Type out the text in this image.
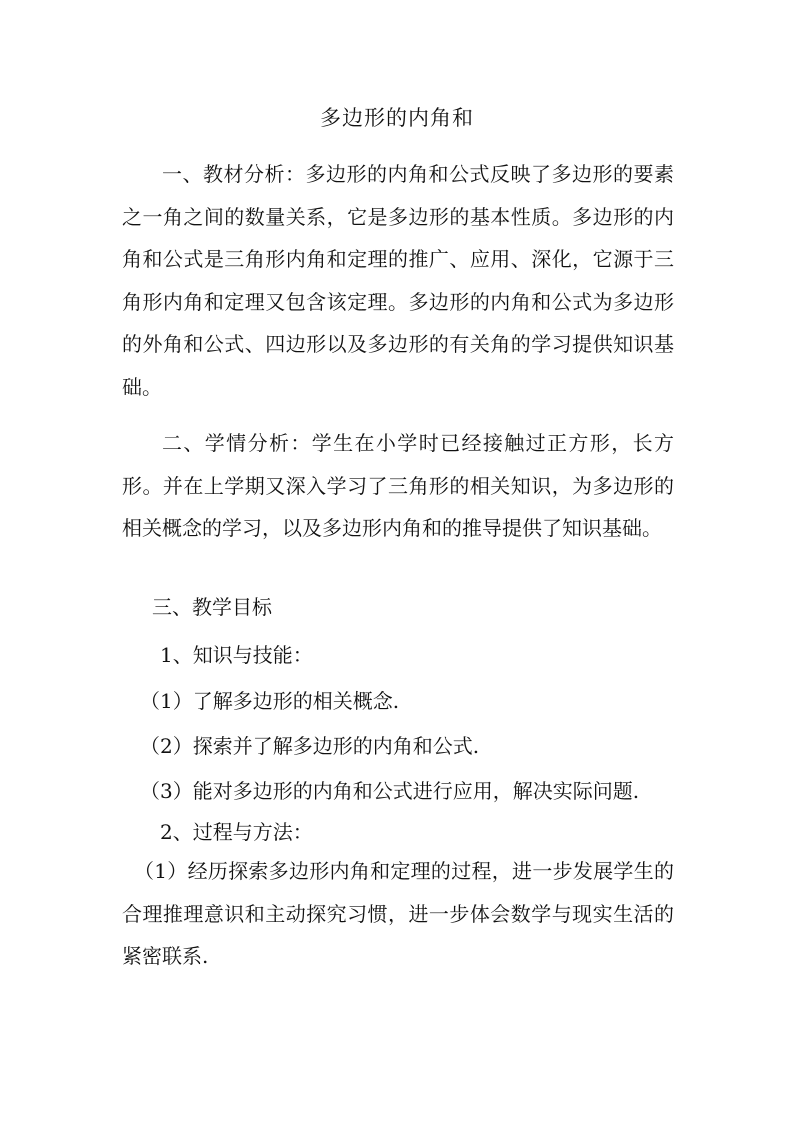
多边形的内角和

一、教材分析：多边形的内角和公式反映了多边形的要素之一角之间的数量关系，它是多边形的基本性质。多边形的内角和公式是三角形内角和定理的推广、应用、深化，它源于三角形内角和定理又包含该定理。多边形的内角和公式为多边形的外角和公式、四边形以及多边形的有关角的学习提供知识基础。

二、学情分析：学生在小学时已经接触过正方形，长方形。并在上学期又深入学习了三角形的相关知识，为多边形的相关概念的学习，以及多边形内角和的推导提供了知识基础。

三、教学目标
1、知识与技能：
（1）了解多边形的相关概念.
（2）探索并了解多边形的内角和公式.
（3）能对多边形的内角和公式进行应用，解决实际问题.
2、过程与方法：

（1）经历探索多边形内角和定理的过程，进一步发展学生的合理推理意识和主动探究习惯，进一步体会数学与现实生活的紧密联系.
